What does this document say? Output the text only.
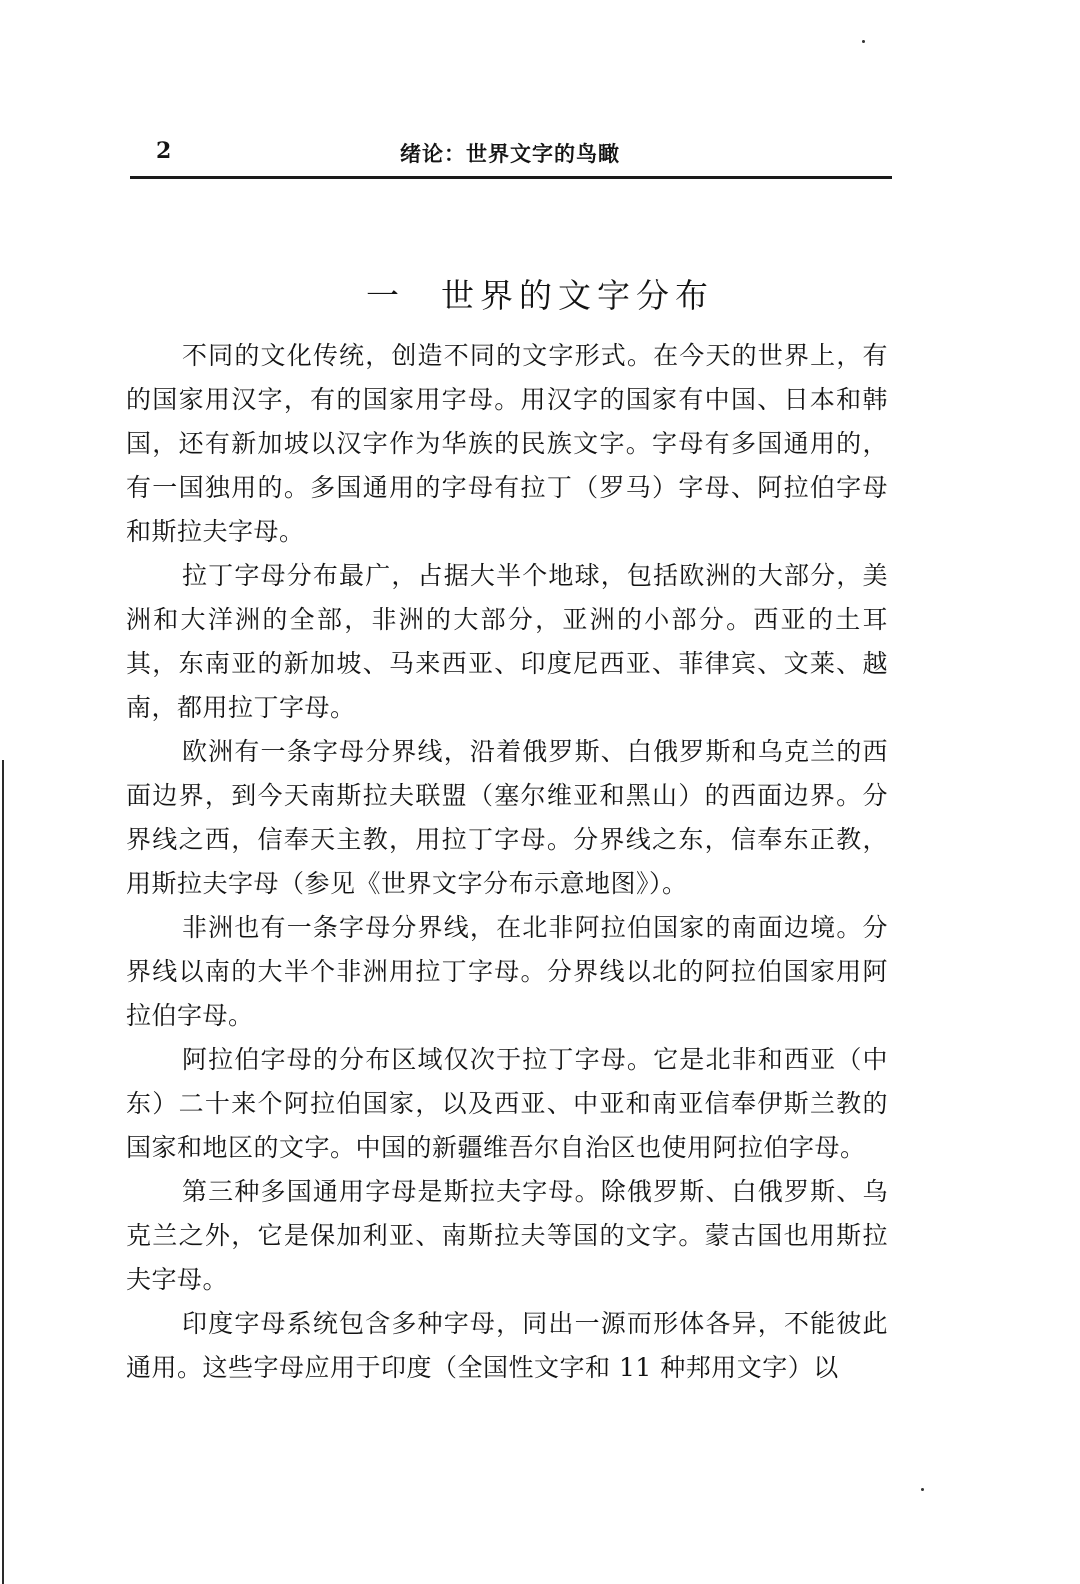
2	绪论：世界文字的鸟瞰
一 世界的文字分布

不同的文化传统，创造不同的文字形式。在今天的世界上，有的国家用汉字，有的国家用字母。用汉字的国家有中国、日本和韩国，还有新加坡以汉字作为华族的民族文字。字母有多国通用的，有一国独用的。多国通用的字母有拉丁（罗马）字母、阿拉伯字母和斯拉夫字母。

拉丁字母分布最广，占据大半个地球，包括欧洲的大部分，美洲和大洋洲的全部，非洲的大部分，亚洲的小部分。西亚的土耳其，东南亚的新加坡、马来西亚、印度尼西亚、菲律宾、文莱、越南，都用拉丁字母。

欧洲有一条字母分界线，沿着俄罗斯、白俄罗斯和乌克兰的西面边界，到今天南斯拉夫联盟（塞尔维亚和黑山）的西面边界。分界线之西，信奉天主教，用拉丁字母。分界线之东，信奉东正教，用斯拉夫字母（参见《世界文字分布示意地图》）。

非洲也有一条字母分界线，在北非阿拉伯国家的南面边境。分界线以南的大半个非洲用拉丁字母。分界线以北的阿拉伯国家用阿拉伯字母。

阿拉伯字母的分布区域仅次于拉丁字母。它是北非和西亚（中东）二十来个阿拉伯国家，以及西亚、中亚和南亚信奉伊斯兰教的国家和地区的文字。中国的新疆维吾尔自治区也使用阿拉伯字母。

第三种多国通用字母是斯拉夫字母。除俄罗斯、白俄罗斯、乌克兰之外，它是保加利亚、南斯拉夫等国的文字。蒙古国也用斯拉夫字母。

印度字母系统包含多种字母，同出一源而形体各异，不能彼此通用。这些字母应用于印度（全国性文字和 11 种邦用文字）以
